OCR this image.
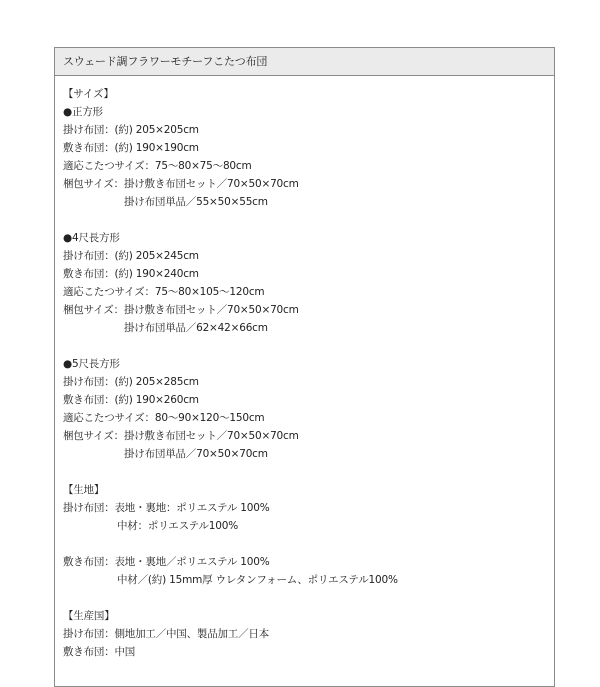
スウェード調フラワーモチーフこたつ布団
【サイズ】
●正方形
掛け布団：(約) 205×205cm
敷き布団：(約) 190×190cm
適応こたつサイズ：75～80×75～80cm
梱包サイズ：掛け敷き布団セット／70×50×70cm
掛け布団単品／55×50×55cm
●4尺長方形
掛け布団：(約) 205×245cm
敷き布団：(約) 190×240cm
適応こたつサイズ：75～80×105～120cm
梱包サイズ：掛け敷き布団セット／70×50×70cm
掛け布団単品／62×42×66cm
●5尺長方形
掛け布団：(約) 205×285cm
敷き布団：(約) 190×260cm
適応こたつサイズ：80～90×120～150cm
梱包サイズ：掛け敷き布団セット／70×50×70cm
掛け布団単品／70×50×70cm
【生地】
掛け布団：表地・裏地：ポリエステル 100%
中材：ポリエステル100%
敷き布団：表地・裏地／ポリエステル 100%
中材／(約) 15mm厚 ウレタンフォーム、ポリエステル100%
【生産国】
掛け布団：側地加工／中国、製品加工／日本
敷き布団：中国
